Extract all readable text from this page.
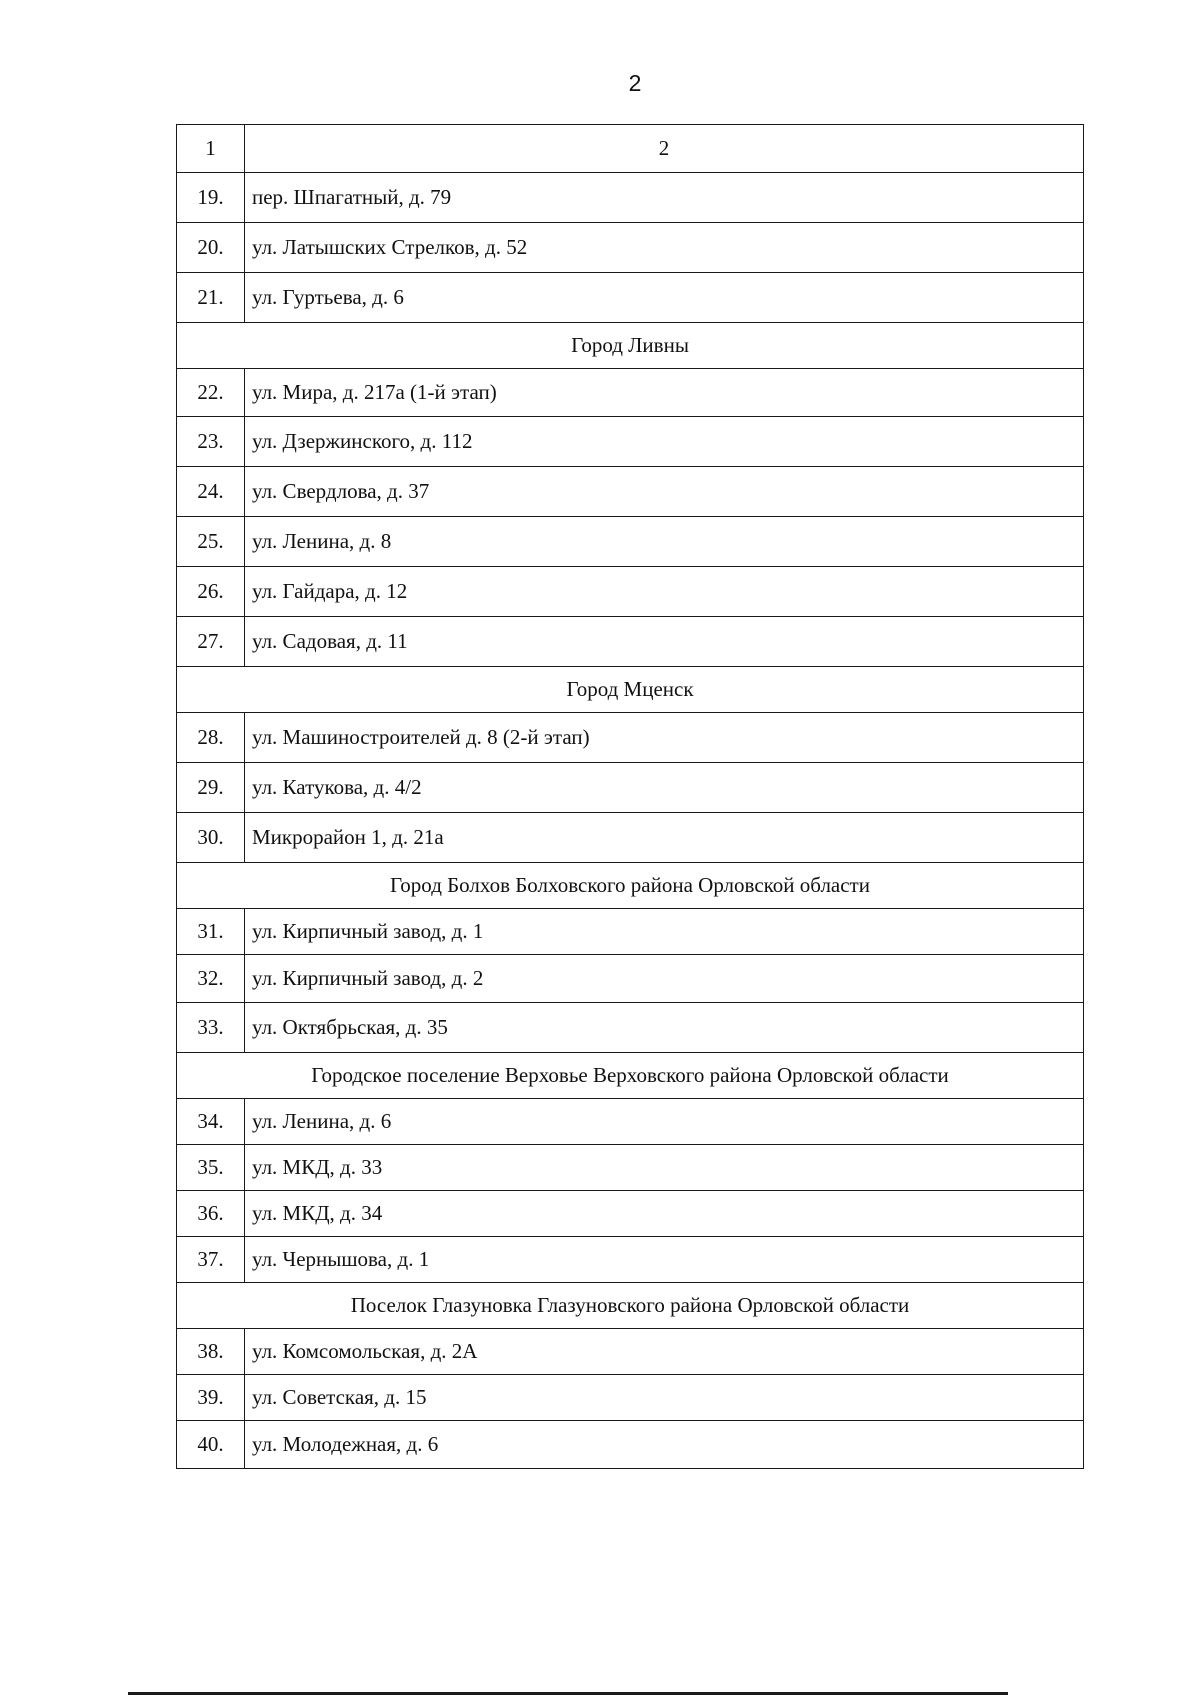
2
1	2
19.	пер. Шпагатный, д. 79
20.	ул. Латышских Стрелков, д. 52
21.	ул. Гуртьева, д. 6
Город Ливны	
22.	ул. Мира, д. 217а (1-й этап)
23.	ул. Дзержинского, д. 112
24.	ул. Свердлова, д. 37
25.	ул. Ленина, д. 8
26.	ул. Гайдара, д. 12
27.	ул. Садовая, д. 11
Город Мценск	
28.	ул. Машиностроителей д. 8 (2-й этап)
29.	ул. Катукова, д. 4/2
30.	Микрорайон 1, д. 21а
Город Болхов Болховского района Орловской области	
31.	ул. Кирпичный завод, д. 1
32.	ул. Кирпичный завод, д. 2
33.	ул. Октябрьская, д. 35
Городское поселение Верховье Верховского района Орловской области	
34.	ул. Ленина, д. 6
35.	ул. МКД, д. 33
36.	ул. МКД, д. 34
37.	ул. Чернышова, д. 1
Поселок Глазуновка Глазуновского района Орловской области	
38.	ул. Комсомольская, д. 2А
39.	ул. Советская, д. 15
40.	ул. Молодежная, д. 6
